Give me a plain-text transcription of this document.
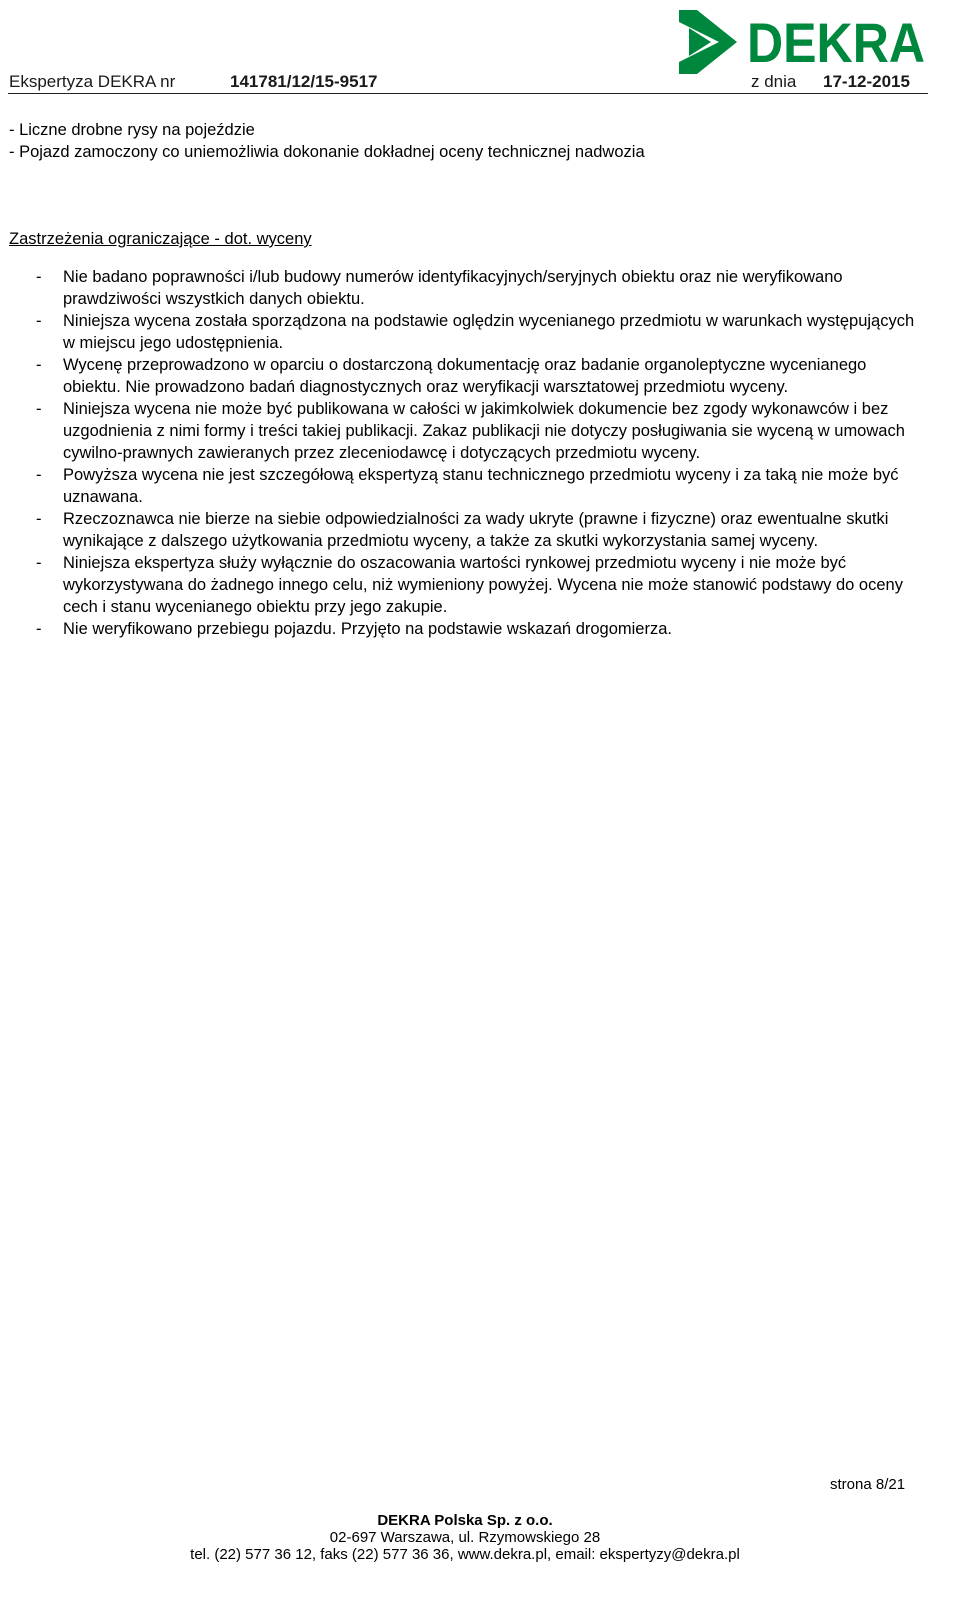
DEKRA
Ekspertyza DEKRA nr	141781/12/15-9517	z dnia 17-12-2015

- Liczne drobne rysy na pojeździe

- Pojazd zamoczony co uniemożliwia dokonanie dokładnej oceny technicznej nadwozia

Zastrzeżenia ograniczające - dot. wyceny
- Nie badano poprawności i/lub budowy numerów identyfikacyjnych/seryjnych obiektu oraz nie weryfikowano prawdziwości wszystkich danych obiektu.
- Niniejsza wycena została sporządzona na podstawie oględzin wycenianego przedmiotu w warunkach występujących w miejscu jego udostępnienia.
- Wycenę przeprowadzono w oparciu o dostarczoną dokumentację oraz badanie organoleptyczne wycenianego obiektu. Nie prowadzono badań diagnostycznych oraz weryfikacji warsztatowej przedmiotu wyceny.
- Niniejsza wycena nie może być publikowana w całości w jakimkolwiek dokumencie bez zgody wykonawców i bez uzgodnienia z nimi formy i treści takiej publikacji. Zakaz publikacji nie dotyczy posługiwania sie wyceną w umowach cywilno-prawnych zawieranych przez zleceniodawcę i dotyczących przedmiotu wyceny.
- Powyższa wycena nie jest szczegółową ekspertyzą stanu technicznego przedmiotu wyceny i za taką nie może być uznawana.
- Rzeczoznawca nie bierze na siebie odpowiedzialności za wady ukryte (prawne i fizyczne) oraz ewentualne skutki wynikające z dalszego użytkowania przedmiotu wyceny, a także za skutki wykorzystania samej wyceny.
- Niniejsza ekspertyza służy wyłącznie do oszacowania wartości rynkowej przedmiotu wyceny i nie może być wykorzystywana do żadnego innego celu, niż wymieniony powyżej. Wycena nie może stanowić podstawy do oceny cech i stanu wycenianego obiektu przy jego zakupie.
- Nie weryfikowano przebiegu pojazdu. Przyjęto na podstawie wskazań drogomierza.
strona 8/21
DEKRA Polska Sp. z o.o.
02-697 Warszawa, ul. Rzymowskiego 28
tel. (22) 577 36 12, faks (22) 577 36 36, www.dekra.pl, email: ekspertyzy@dekra.pl
